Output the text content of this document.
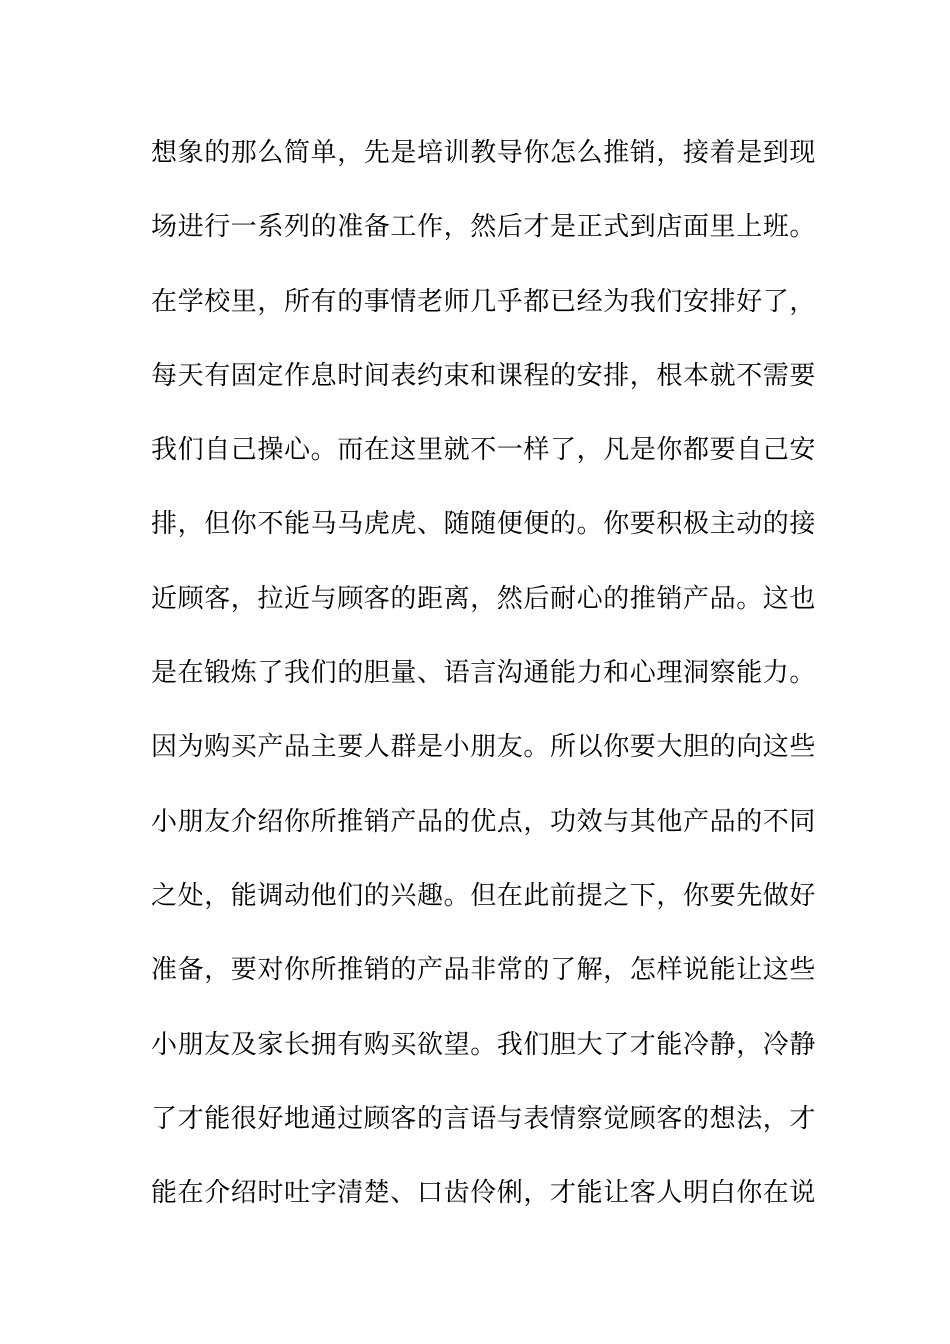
想象的那么简单，先是培训教导你怎么推销，接着是到现
场进行一系列的准备工作，然后才是正式到店面里上班。
在学校里，所有的事情老师几乎都已经为我们安排好了，
每天有固定作息时间表约束和课程的安排，根本就不需要
我们自己操心。而在这里就不一样了，凡是你都要自己安
排，但你不能马马虎虎、随随便便的。你要积极主动的接
近顾客，拉近与顾客的距离，然后耐心的推销产品。这也
是在锻炼了我们的胆量、语言沟通能力和心理洞察能力。
因为购买产品主要人群是小朋友。所以你要大胆的向这些
小朋友介绍你所推销产品的优点，功效与其他产品的不同
之处，能调动他们的兴趣。但在此前提之下，你要先做好
准备，要对你所推销的产品非常的了解，怎样说能让这些
小朋友及家长拥有购买欲望。我们胆大了才能冷静，冷静
了才能很好地通过顾客的言语与表情察觉顾客的想法，才
能在介绍时吐字清楚、口齿伶俐，才能让客人明白你在说
